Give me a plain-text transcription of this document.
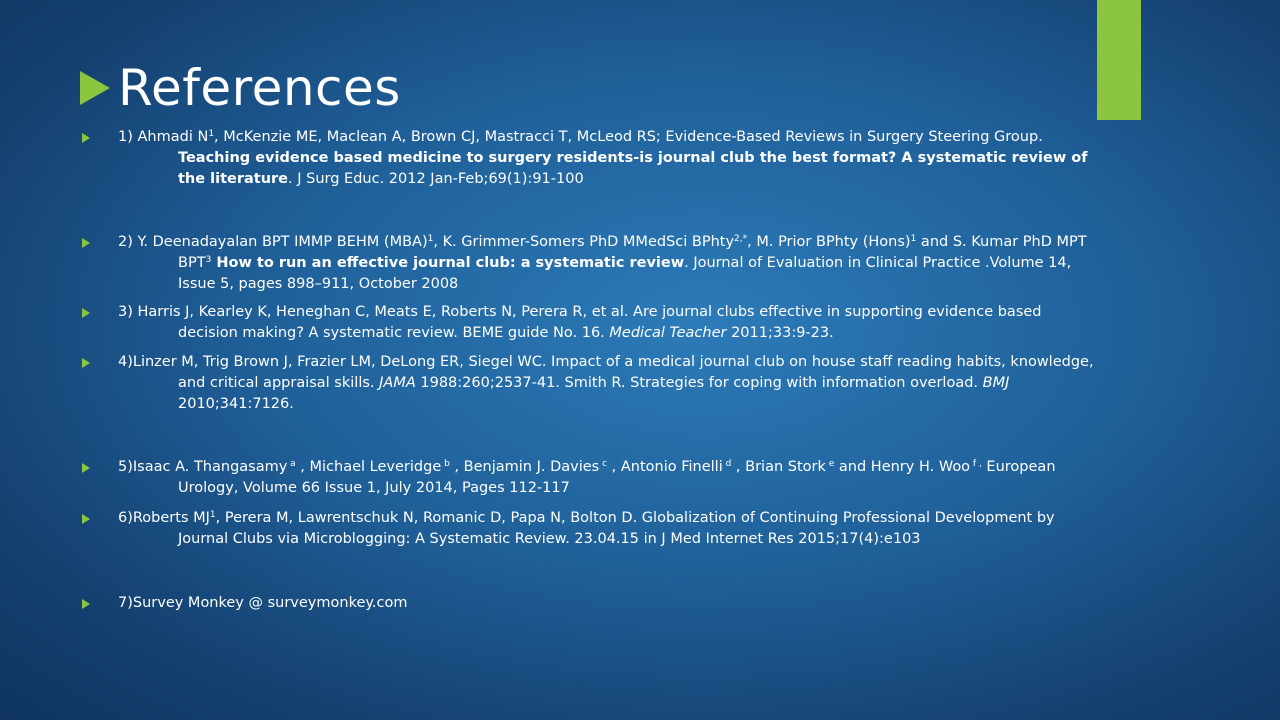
References
1) Ahmadi $N^1$, McKenzie ME, Maclean A, Brown CJ, Mastracci T, McLeod RS; Evidence-Based Reviews in Surgery Steering Group. Teaching evidence based medicine to surgery residents-is journal club the best format? A systematic review of the literature. J Surg Educ. 2012 Jan-Feb;69(1):91-100
2) Y. Deenadayalan BPT IMMP BEHM (MBA)$^1$, K. Grimmer-Somers PhD MMedSci BPhty$^{2,*}$, M. Prior BPhty (Hons)$^1$ and S. Kumar PhD MPT BPT$^3$ How to run an effective journal club: a systematic review. Journal of Evaluation in Clinical Practice .Volume 14, Issue 5, pages 898–911, October 2008
3) Harris J, Kearley K, Heneghan C, Meats E, Roberts N, Perera R, et al. Are journal clubs effective in supporting evidence based decision making? A systematic review. BEME guide No. 16. Medical Teacher 2011;33:9-23.
4)Linzer M, Trig Brown J, Frazier LM, DeLong ER, Siegel WC. Impact of a medical journal club on house staff reading habits, knowledge, and critical appraisal skills. JAMA 1988:260;2537-41. Smith R. Strategies for coping with information overload. BMJ 2010;341:7126.
5)Isaac A. Thangasamy $^a$ , Michael Leveridge $^b$ , Benjamin J. Davies $^c$ , Antonio Finelli $^d$ , Brian Stork $^e$ and Henry H. Woo $^{f ,}$ European Urology, Volume 66 Issue 1, July 2014, Pages 112-117
6)Roberts $MJ^1$, Perera M, Lawrentschuk N, Romanic D, Papa N, Bolton D. Globalization of Continuing Professional Development by Journal Clubs via Microblogging: A Systematic Review. 23.04.15 in J Med Internet Res 2015;17(4):e103
7)Survey Monkey @ surveymonkey.com
